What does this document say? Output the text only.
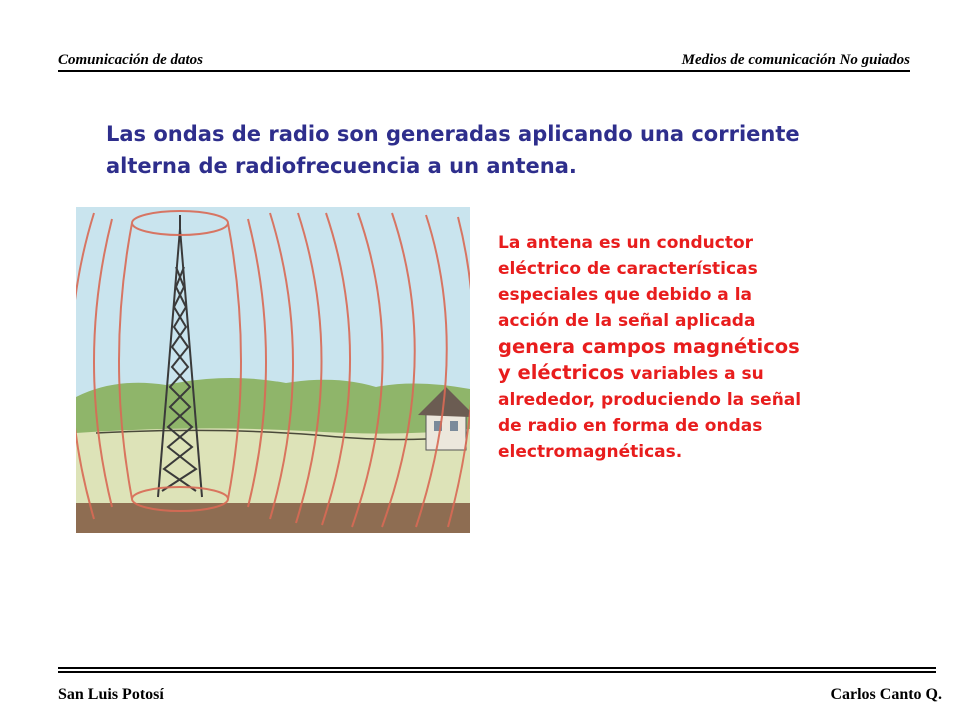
Comunicación de datos	Medios de comunicación No guiados
Las ondas de radio son generadas aplicando una corriente
alterna de radiofrecuencia a un antena.
La antena es un conductor
eléctrico de características
especiales que debido a la
acción de la señal aplicada
genera campos magnéticos
y eléctricos variables a su
alrededor, produciendo la señal
de radio en forma de ondas
electromagnéticas.
San Luis Potosí	Carlos Canto Q.
